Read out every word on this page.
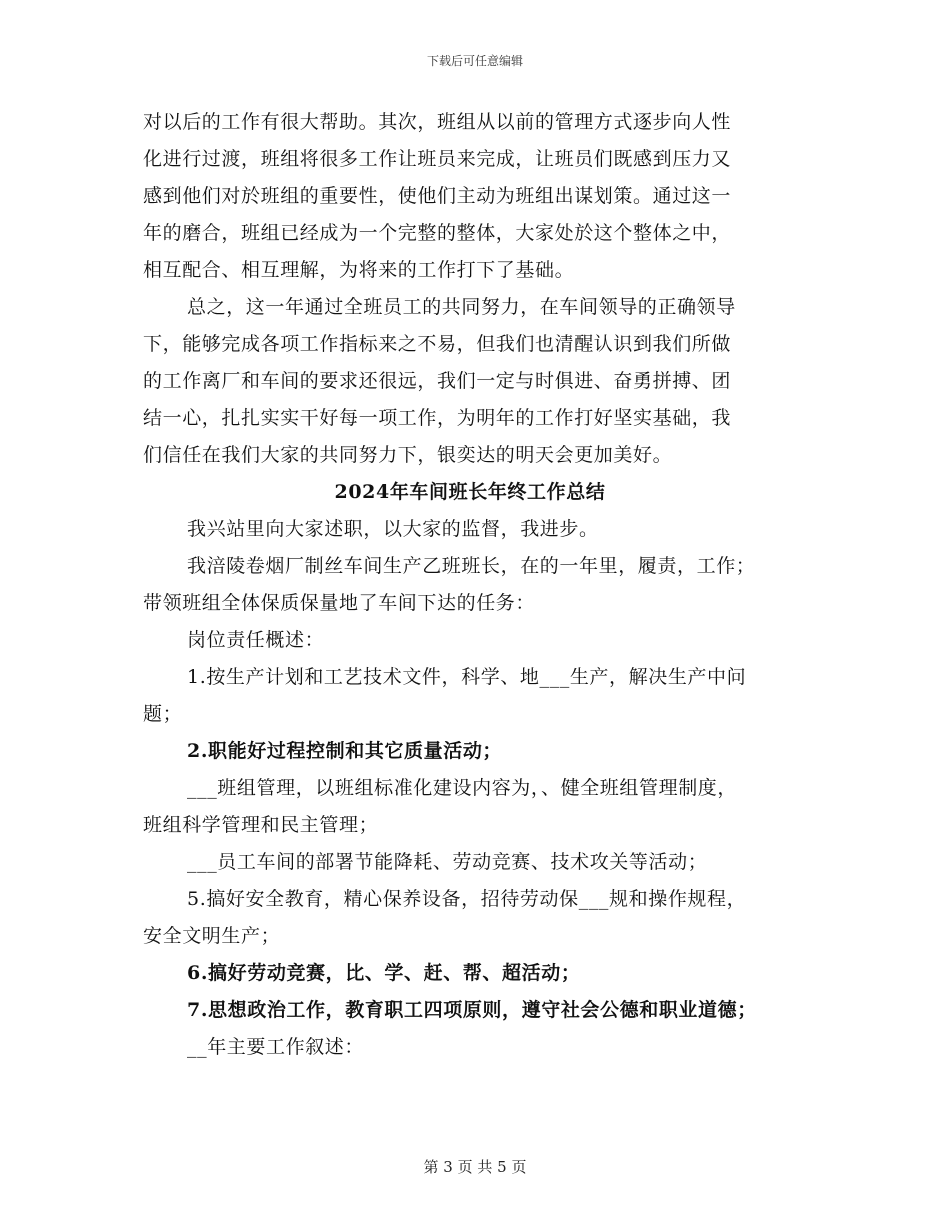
下载后可任意编辑
对以后的工作有很大帮助。其次，班组从以前的管理方式逐步向人性
化进行过渡，班组将很多工作让班员来完成，让班员们既感到压力又
感到他们对於班组的重要性，使他们主动为班组出谋划策。通过这一
年的磨合，班组已经成为一个完整的整体，大家处於这个整体之中，
相互配合、相互理解，为将来的工作打下了基础。
总之，这一年通过全班员工的共同努力，在车间领导的正确领导
下，能够完成各项工作指标来之不易，但我们也清醒认识到我们所做
的工作离厂和车间的要求还很远，我们一定与时俱进、奋勇拼搏、团
结一心，扎扎实实干好每一项工作，为明年的工作打好坚实基础，我
们信任在我们大家的共同努力下，银奕达的明天会更加美好。
2024年车间班长年终工作总结
我兴站里向大家述职，以大家的监督，我进步。
我涪陵卷烟厂制丝车间生产乙班班长，在的一年里，履责，工作；
带领班组全体保质保量地了车间下达的任务：
岗位责任概述：
1.按生产计划和工艺技术文件，科学、地___生产，解决生产中问
题；
2.职能好过程控制和其它质量活动；
___班组管理，以班组标准化建设内容为，、健全班组管理制度，
班组科学管理和民主管理；
___员工车间的部署节能降耗、劳动竞赛、技术攻关等活动；
5.搞好安全教育，精心保养设备，招待劳动保___规和操作规程，
安全文明生产；
6.搞好劳动竞赛，比、学、赶、帮、超活动；
7.思想政治工作，教育职工四项原则，遵守社会公德和职业道德；
__年主要工作叙述：
第 3 页 共 5 页
